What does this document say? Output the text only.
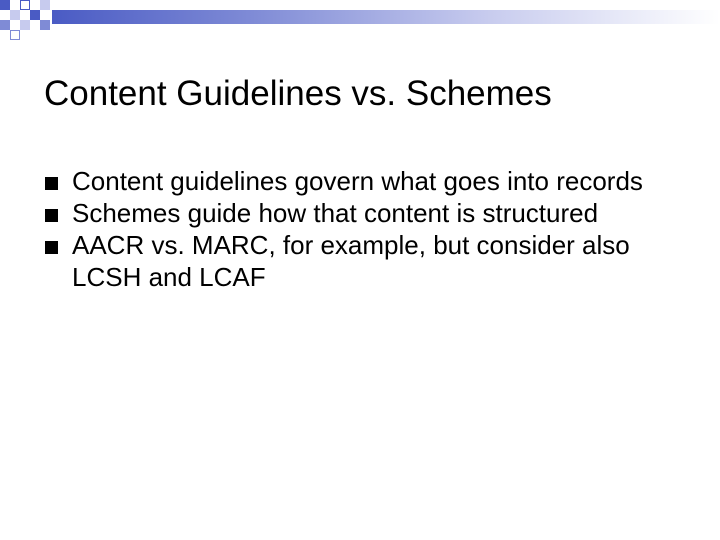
Content Guidelines vs. Schemes
Content guidelines govern what goes into records
Schemes guide how that content is structured
AACR vs. MARC, for example, but consider also LCSH and LCAF
